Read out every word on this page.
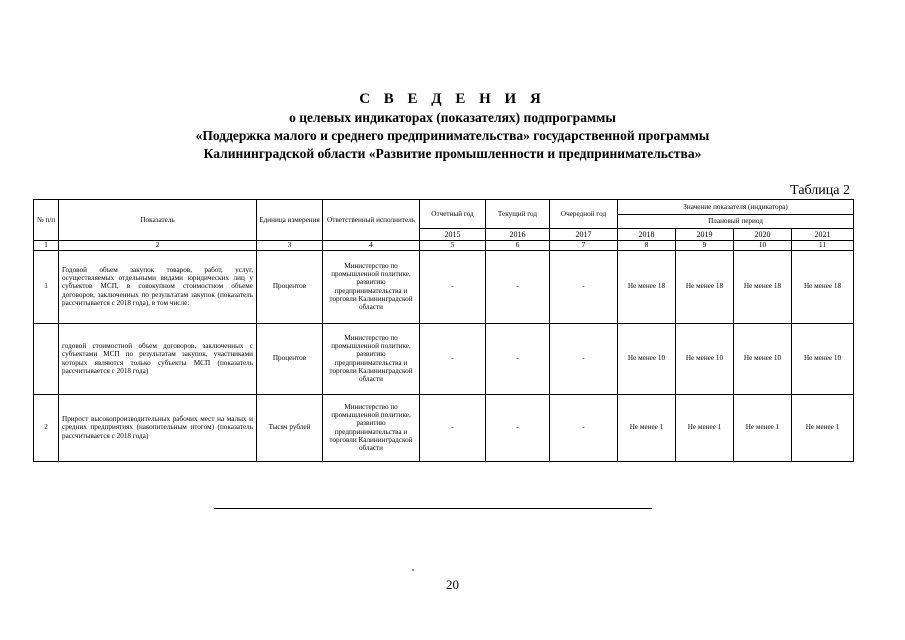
С В Е Д Е Н И Я
о целевых индикаторах (показателях) подпрограммы
«Поддержка малого и среднего предпринимательства» государственной программы
Калининградской области «Развитие промышленности и предпринимательства»
Таблица 2
№ п/п	Показатель	Единица измерения	Ответственный исполнитель	Отчетный год	Текущий год	Очередной год	Значение показателя (индикатора)			
							Плановый период			
				2015	2016	2017	2018	2019	2020	2021
1	2	3	4	5	6	7	8	9	10	11
1	Годовой объем закупок товаров, работ, услуг, осуществляемых отдельными видами юридических лиц у субъектов МСП, в совокупном стоимостном объеме договоров, заключенных по результатам закупок (показатель рассчитывается с 2018 года), в том числе:	Процентов	Министерство по промышленной политике, развитию предпринимательства и торговли Калининградской области	-	-	-	Не менее 18	Не менее 18	Не менее 18	Не менее 18
	годовой стоимостной объем договоров, заключенных с субъектами МСП по результатам закупок, участниками которых являются только субъекты МСП (показатель рассчитывается с 2018 года)	Процентов	Министерство по промышленной политике, развитию предпринимательства и торговли Калининградской области	-	-	-	Не менее 10	Не менее 10	Не менее 10	Не менее 10
2	Прирост высокопроизводительных рабочих мест на малых и средних предприятиях (накопительным итогом) (показатель рассчитывается с 2018 года)	Тысяч рублей	Министерство по промышленной политике, развитию предпринимательства и торговли Калининградской области	-	-	-	Не менее 1	Не менее 1	Не менее 1	Не менее 1
20
